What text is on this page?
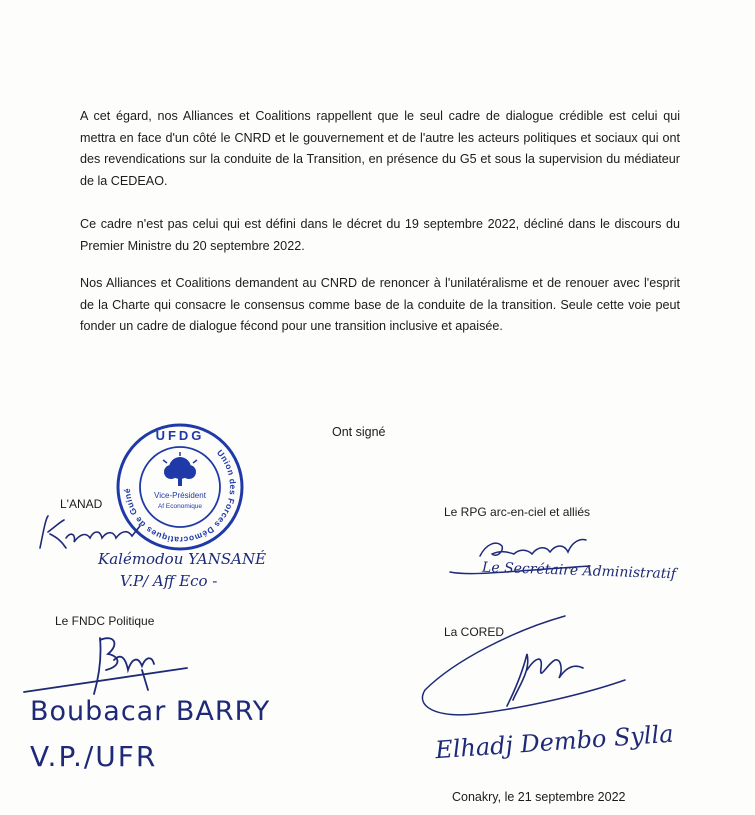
A cet égard, nos Alliances et Coalitions rappellent que le seul cadre de dialogue crédible est celui qui mettra en face d'un côté le CNRD et le gouvernement et de l'autre les acteurs politiques et sociaux qui ont des revendications sur la conduite de la Transition, en présence du G5 et sous la supervision du médiateur de la CEDEAO.

Ce cadre n'est pas celui qui est défini dans le décret du 19 septembre 2022, décliné dans le discours du Premier Ministre du 20 septembre 2022.

Nos Alliances et Coalitions demandent au CNRD de renoncer à l'unilatéralisme et de renouer avec l'esprit de la Charte qui consacre le consensus comme base de la conduite de la transition. Seule cette voie peut fonder un cadre de dialogue fécond pour une transition inclusive et apaisée.

Ont signé
UFDG
Union des Forces Démocratiques de Guinée
Vice-Président
Af Economique
L'ANAD
Kalémodou YANSANÉ
V.P/ Aff Eco -
Le RPG arc-en-ciel et alliés
Le Secrétaire Administratif
Le FNDC Politique
Boubacar BARRY
V.P./UFR
La CORED
Elhadj Dembo Sylla
Conakry, le 21 septembre 2022
